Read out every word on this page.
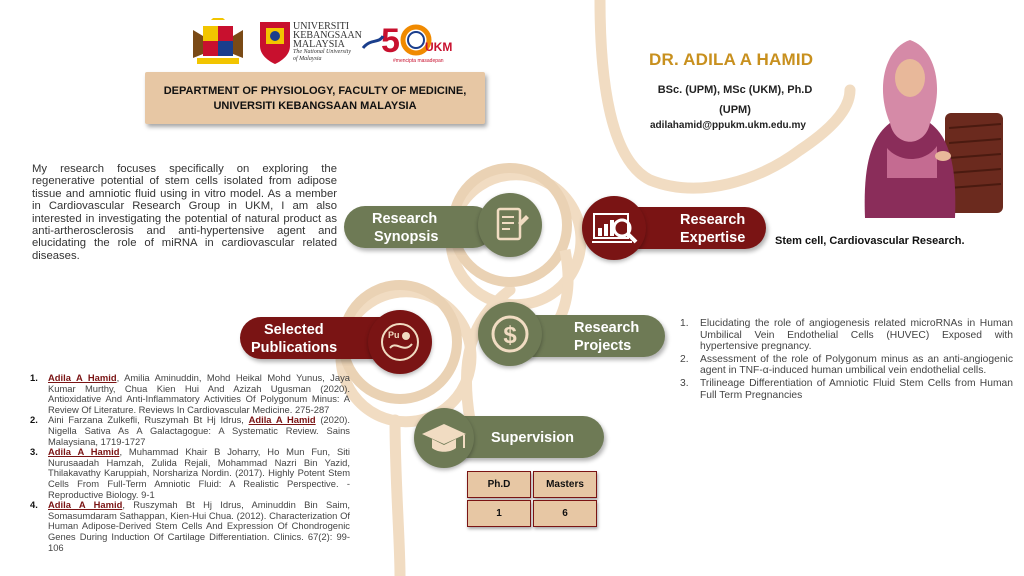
UNIVERSITI
KEBANGSAAN
MALAYSIA
The National University
of Malaysia	5 UKM
#mencipta masadepan
DEPARTMENT OF PHYSIOLOGY, FACULTY OF MEDICINE,
UNIVERSITI KEBANGSAAN MALAYSIA
My research focuses specifically on exploring the regenerative potential of stem cells isolated from adipose tissue and amniotic fluid using in vitro model. As a member in Cardiovascular Research Group in UKM, I am also interested in investigating the potential of natural product as anti-artherosclerosis and anti-hypertensive agent and elucidating the role of miRNA in cardiovascular related diseases.
DR. ADILA A HAMID
BSc. (UPM), MSc (UKM), Ph.D
(UPM)
adilahamid@ppukm.ukm.edu.my
Research
Synopsis
Research
Expertise	Stem cell, Cardiovascular Research.
Selected
Publications
Pu	Research
Projects
$
Supervision
1. Elucidating the role of angiogenesis related microRNAs in Human Umbilical Vein Endothelial Cells (HUVEC) Exposed with hypertensive pregnancy.
2. Assessment of the role of Polygonum minus as an anti-angiogenic agent in TNF-α-induced human umbilical vein endothelial cells.
3. Trilineage Differentiation of Amniotic Fluid Stem Cells from Human Full Term Pregnancies
1. Adila A Hamid, Amilia Aminuddin, Mohd Heikal Mohd Yunus, Jaya Kumar Murthy, Chua Kien Hui And Azizah Ugusman (2020). Antioxidative And Anti-Inflammatory Activities Of Polygonum Minus: A Review Of Literature. Reviews In Cardiovascular Medicine. 275-287
2. Aini Farzana Zulkefli, Ruszymah Bt Hj Idrus, Adila A Hamid (2020). Nigella Sativa As A Galactagogue: A Systematic Review. Sains Malaysiana, 1719-1727
3. Adila A Hamid, Muhammad Khair B Joharry, Ho Mun Fun, Siti Nurusaadah Hamzah, Zulida Rejali, Mohammad Nazri Bin Yazid, Thilakavathy Karuppiah, Norshariza Nordin. (2017). Highly Potent Stem Cells From Full-Term Amniotic Fluid: A Realistic Perspective. - Reproductive Biology. 9-1
4. Adila A Hamid, Ruszymah Bt Hj Idrus, Aminuddin Bin Saim, Somasumdaram Sathappan, Kien-Hui Chua. (2012). Characterization Of Human Adipose-Derived Stem Cells And Expression Of Chondrogenic Genes During Induction Of Cartilage Differentiation. Clinics. 67(2): 99-106
Ph.D	Masters
1	6
